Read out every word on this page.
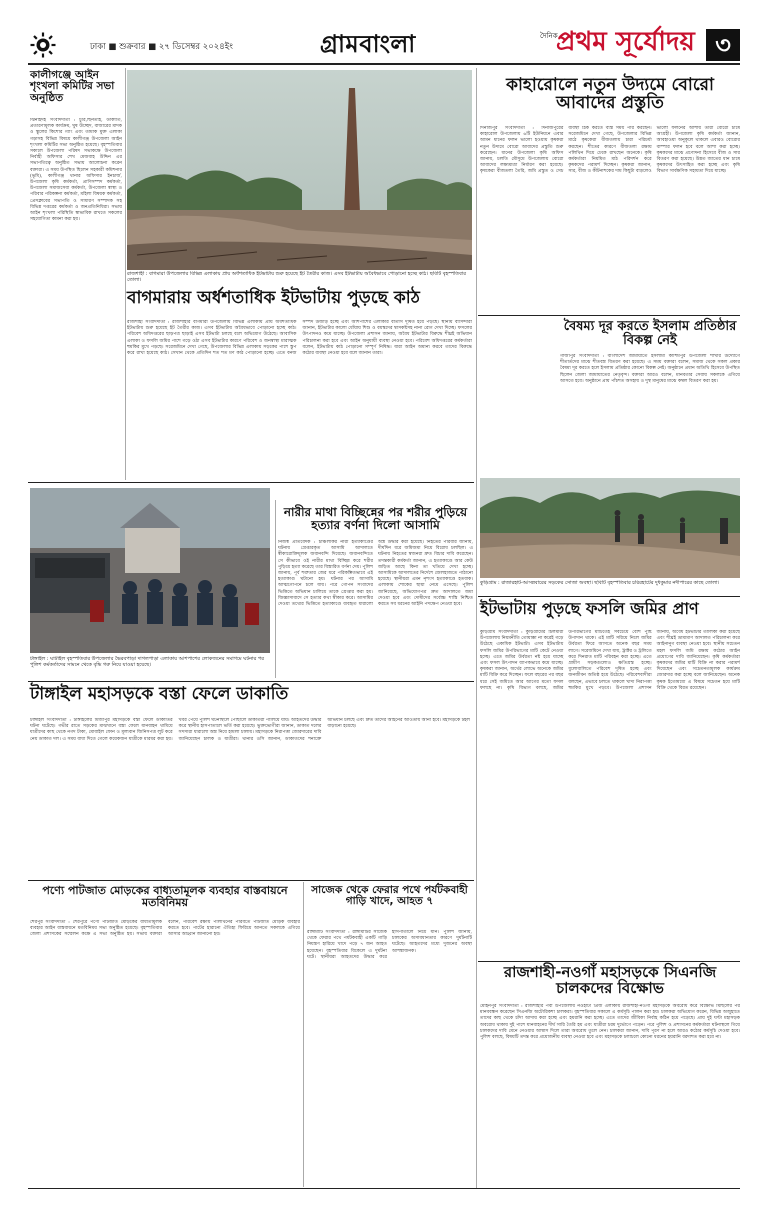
ঢাকা ■ শুক্রবার ■ ২৭ ডিসেম্বর ২০২৪ইং	গ্রামবাংলা	দৈনিক
প্রথম সূর্যোদয় ৩
কালীগঞ্জে আইন শৃংখলা কমিটির সভা অনুষ্ঠিত
ঝিনাইদহ সংবাদদাতা : চুরি,ছিনতাই, ডাকাতি, প্রতারণামূলক কার্যক্রম, ঘুষ উচ্ছেদ, বাজারের মাদক ও স্কুলের কিশোর গ্যাং এবং তামাক মুক্ত এলাকা গড়াসহ বিভিন্ন বিষয়ে কালীগঞ্জ উপজেলা আইন শৃংখলা কমিটির সভা অনুষ্ঠিত হয়েছে। বৃহস্পতিবার সকালে উপজেলা পরিষদ সভাকক্ষে উপজেলা নির্বাহী অফিসার শেখ মেজবাহ উদ্দিন এর সভাপতিত্বে অনুষ্ঠিত সভায় আলোচনা করেন বক্তারা। এ সময় উপস্থিত ছিলেন সহকারী কমিশনার (ভূমি), কালীগঞ্জ থানার অফিসার ইনচার্জ, উপজেলা কৃষি কর্মকর্তা, প্রাণিসম্পদ কর্মকর্তা, উপজেলা সমাজসেবা কর্মকর্তা, উপজেলা স্বাস্থ্য ও পরিবার পরিকল্পনা কর্মকর্তা, মহিলা বিষয়ক কর্মকর্তা, প্রেসক্লাবের সভাপতি ও সাধারণ সম্পাদক সহ বিভিন্ন দপ্তরের কর্মকর্তা ও জনপ্রতিনিধিরা। সভায় আইন শৃংখলা পরিস্থিতি স্বাভাবিক রাখতে সকলের সহযোগিতা কামনা করা হয়।
রাজশাহী : বাগমারা উপজেলার বিভিন্ন এলাকায় প্রায় অর্ধশতাধিক ইটভাটায় শুরু হয়েছে ইট তৈরীর কাজ। এসব ইটভাটায় অবৈধভাবে পোড়ানো হচ্ছে কাঠ। ছবিটি বৃহস্পতিবার তোলা।
বাগমারায় অর্ধশতাধিক ইটভাটায় পুড়ছে কাঠ

রাজশাহী সংবাদদাতা : রাজশাহীর বাগমারা উপজেলায় বিভিন্ন এলাকায় প্রায় অর্ধশতাধিক ইটভাটায় শুরু হয়েছে ইট তৈরীর কাজ। এসব ইটভাটায় অবৈধভাবে পোড়ানো হচ্ছে কাঠ। পরিবেশ অধিদপ্তরের ছাড়পত্র ছাড়াই এসব ইটভাটা চলছে বলে অভিযোগ উঠেছে। আবাসিক এলাকা ও ফসলি জমির পাশে গড়ে ওঠা এসব ইটভাটার কারণে পরিবেশ ও জনস্বাস্থ্য মারাত্মক হুমকির মুখে পড়ছে। সরেজমিনে দেখা গেছে, উপজেলার বিভিন্ন এলাকায় সড়কের পাশে স্তুপ করে রাখা হয়েছে কাঠ। সেখান থেকে প্রতিদিন শত শত মণ কাঠ পোড়ানো হচ্ছে। এতে বনজ সম্পদ উজাড় হচ্ছে এবং আশপাশের এলাকার বাতাস দূষিত হয়ে পড়ছে। স্থানীয় বাসিন্দারা জানান, ইটভাটার কালো ধোঁয়ায় শিশু ও বয়স্কদের শ্বাসকষ্টসহ নানা রোগ দেখা দিচ্ছে। ফসলের উৎপাদনও কমে যাচ্ছে। উপজেলা প্রশাসন জানায়, অবৈধ ইটভাটার বিরুদ্ধে শীঘ্রই অভিযান পরিচালনা করা হবে এবং আইন অনুযায়ী ব্যবস্থা নেওয়া হবে। পরিবেশ অধিদপ্তরের কর্মকর্তারা বলেন, ইটভাটায় কাঠ পোড়ানো সম্পূর্ণ নিষিদ্ধ। যারা আইন অমান্য করবে তাদের বিরুদ্ধে কঠোর ব্যবস্থা নেওয়া হবে বলে জানান তারা।

কাহারোলে নতুন উদ্যমে বোরো আবাদের প্রস্তুতি

দিনাজপুর সংবাদদাতা : দিনাজপুরের কাহারোল উপজেলায় ৬টি ইউনিয়নে এবার আমন ধানের ফলন ভালো হওয়ায় কৃষকরা নতুন উদ্যমে বোরো আবাদের প্রস্তুতি শুরু করেছেন। ধানের উপজেলা কৃষি অফিস জানায়, চলতি মৌসুমে উপজেলায় বোরো আবাদের লক্ষ্যমাত্রা নির্ধারণ করা হয়েছে। কৃষকেরা বীজতলা তৈরি, জমি প্রস্তুত ও সেচ ব্যবস্থা ঠিক করতে ব্যস্ত সময় পার করছেন। সরেজমিনে দেখা গেছে, উপজেলার বিভিন্ন মাঠে কৃষকেরা বীজতলায় চারা পরিচর্যা করছেন। শীতের কারণে বীজতলা রক্ষায় পলিথিন দিয়ে ঢেকে রাখছেন অনেকে। কৃষি কর্মকর্তারা নিয়মিত মাঠ পরিদর্শন করে কৃষকদের পরামর্শ দিচ্ছেন। কৃষকরা জানান, সার, বীজ ও কীটনাশকের দাম কিছুটা বাড়লেও ভালো ফলনের আশায় তারা বোরো চাষে আগ্রহী। উপজেলা কৃষি কর্মকর্তা জানান, আবহাওয়া অনুকূলে থাকলে এবারও বোরোর বাম্পার ফলন হবে বলে আশা করা হচ্ছে। কৃষকদের মাঝে প্রণোদনা হিসেবে বীজ ও সার বিতরণ করা হয়েছে। উন্নত জাতের ধান চাষে কৃষকদের উৎসাহিত করা হচ্ছে এবং কৃষি বিভাগ সার্বক্ষণিক সহায়তা দিয়ে যাচ্ছে।

বৈষম্য দূর করতে ইসলাম প্রতিষ্ঠার বিকল্প নেই
গাজীপুর সংবাদদাতা : বাংলাদেশ জামায়াতে ইসলামী কাশিমপুর উপজেলা শাখার উদ্যোগে শীতার্তদের মাঝে শীতবস্ত্র বিতরণ করা হয়েছে। এ সময় বক্তারা বলেন, সমাজ থেকে সকল প্রকার বৈষম্য দূর করতে হলে ইসলাম প্রতিষ্ঠার কোনো বিকল্প নেই। অনুষ্ঠানে প্রধান অতিথি হিসেবে উপস্থিত ছিলেন জেলা জামায়াতের নেতৃবৃন্দ। বক্তারা আরও বলেন, মানবতার সেবায় সকলকে এগিয়ে আসতে হবে। অনুষ্ঠানে প্রায় পাঁচশত অসহায় ও দুস্থ মানুষের মাঝে কম্বল বিতরণ করা হয়।
কুড়িগ্রাম : রাজারহাট-আসন্নবারের সড়কের সোজা অবস্থা। ছবিটি বৃহস্পতিবার চরিরহাটের দুধকুমার নদীপারের কাছে তোলা।
টাঙ্গাইল : ঘাটাইল বৃহস্পতিবার উপজেলার ভৈরবপাড়া দাগলপাড়া এলাকায় আশপাশের লোকজনের সমাগমে ঘটনার পর পুলিশ কর্মকর্তাদের সামনে থেকে বৃদ্ধি গরু নিয়ে যাওয়া হয়েছে।
নারীর মাথা বিচ্ছিন্নের পর শরীর পুড়িয়ে হত্যার বর্ণনা দিলো আসামি

নিজস্ব প্রতিবেদক : চাঞ্চল্যকর নারী হত্যাকাণ্ডের ঘটনায় গ্রেপ্তারকৃত আসামি আদালতে স্বীকারোক্তিমূলক জবানবন্দি দিয়েছে। জবানবন্দিতে সে কীভাবে ওই নারীর মাথা বিচ্ছিন্ন করে শরীর পুড়িয়ে হত্যা করেছে তার বিস্তারিত বর্ণনা দেয়। পুলিশ জানায়, পূর্ব শত্রুতার জের ধরে পরিকল্পিতভাবে এই হত্যাকাণ্ড ঘটানো হয়। ঘটনার পর আসামি আত্মগোপনে চলে যায়। পরে গোপন সংবাদের ভিত্তিতে অভিযান চালিয়ে তাকে গ্রেপ্তার করা হয়। জিজ্ঞাসাবাদে সে হত্যার কথা স্বীকার করে। আসামির দেওয়া তথ্যের ভিত্তিতে হত্যাকাণ্ডে ব্যবহৃত ধারালো অস্ত্র উদ্ধার করা হয়েছে। নিহতের পরিবার জানায়, দীর্ঘদিন ধরে জমিজমা নিয়ে বিরোধ চলছিল। এ ঘটনায় নিহতের স্বজনরা দ্রুত বিচার দাবি করেছেন। তদন্তকারী কর্মকর্তা জানান, এ হত্যাকাণ্ডে আর কেউ জড়িত আছে কিনা তা খতিয়ে দেখা হচ্ছে। আসামিকে আদালতের নির্দেশে জেলহাজতে পাঠানো হয়েছে। স্থানীয়রা এমন নৃশংস হত্যাকাণ্ডে হতবাক। এলাকায় শোকের ছায়া নেমে এসেছে। পুলিশ জানিয়েছে, অভিযোগপত্র দ্রুত আদালতে জমা দেওয়া হবে এবং দোষীদের সর্বোচ্চ শাস্তি নিশ্চিত করতে সব ধরনের আইনি পদক্ষেপ নেওয়া হবে।	ইটভাটায় পুড়ছে ফসলি জমির প্রাণ

কুড়িগ্রাম সংবাদদাতা : কুড়িগ্রামের চিলমারী উপজেলায় নিয়মনীতি তোয়াক্কা না করেই গড়ে উঠেছে একাধিক ইটভাটা। এসব ইটভাটায় ফসলি জমির উপরিভাগের মাটি কেটে নেওয়া হচ্ছে। এতে জমির উর্বরতা নষ্ট হয়ে যাচ্ছে এবং ফসল উৎপাদন ব্যাপকভাবে কমে যাচ্ছে। কৃষকরা জানান, অর্থের লোভে অনেকে জমির মাটি বিক্রি করে দিচ্ছেন। ফলে বছরের পর বছর ধরে সেই জমিতে আর আগের মতো ফসল ফলছে না। কৃষি বিভাগ বলছে, জমির উপরিভাগের মাটিতেই সবচেয়ে বেশি পুষ্টি উপাদান থাকে। এই মাটি সরিয়ে নিলে জমির উর্বরতা ফিরে আসতে অনেক বছর সময় লাগে। সরেজমিনে দেখা যায়, ট্রাক্টর ও ট্রলিতে করে দিনরাত মাটি পরিবহন করা হচ্ছে। এতে গ্রামীণ সড়কগুলোও ক্ষতিগ্রস্ত হচ্ছে। ধুলোবালিতে পরিবেশ দূষিত হচ্ছে এবং জনজীবন অতিষ্ঠ হয়ে উঠেছে। পরিবেশবাদীরা বলছেন, এভাবে চলতে থাকলে খাদ্য নিরাপত্তা হুমকির মুখে পড়বে। উপজেলা প্রশাসন জানায়, অবৈধ ইটভাটার তালিকা করা হয়েছে এবং শীঘ্রই ভ্রাম্যমাণ আদালত পরিচালনা করে আইনানুগ ব্যবস্থা নেওয়া হবে। স্থানীয় সচেতন মহল ফসলি জমি রক্ষায় কঠোর আইন প্রয়োগের দাবি জানিয়েছেন। কৃষি কর্মকর্তারা কৃষকদের জমির মাটি বিক্রি না করার পরামর্শ দিয়েছেন এবং সচেতনতামূলক কার্যক্রম জোরদার করা হচ্ছে বলে জানিয়েছেন। অনেক কৃষক ইতোমধ্যে এ বিষয়ে সচেতন হয়ে মাটি বিক্রি থেকে বিরত রয়েছেন।

টাঙ্গাইল মহাসড়কে বস্তা ফেলে ডাকাতি

টাঙ্গাইল সংবাদদাতা : টাঙ্গাইলের মির্জাপুর মহাসড়কে বস্তা ফেলে ডাকাতির ঘটনা ঘটেছে। গভীর রাতে সড়কের মাঝখানে বস্তা ফেলে যানবাহন থামিয়ে যাত্রীদের কাছ থেকে নগদ টাকা, মোবাইল ফোন ও মূল্যবান জিনিসপত্র লুট করে নেয় ডাকাত দল। এ সময় বাধা দিতে গেলে কয়েকজন যাত্রীকে মারধর করা হয়। খবর পেয়ে পুলিশ ঘটনাস্থলে পৌঁছালে ডাকাতরা পালিয়ে যায়। আহতদের উদ্ধার করে স্থানীয় হাসপাতালে ভর্তি করা হয়েছে। ভুক্তভোগীরা জানান, ডাকাত দলের সদস্যরা ধারালো অস্ত্র নিয়ে হামলা চালায়। মহাসড়কে নিরাপত্তা জোরদারের দাবি জানিয়েছেন চালক ও যাত্রীরা। থানার ওসি জানান, ডাকাতদের শনাক্তে অভিযান চলছে এবং দ্রুত তাদের আইনের আওতায় আনা হবে। মহাসড়কে টহল বাড়ানো হয়েছে।

পণ্যে পাটজাত মোড়কের বাধ্যতামূলক ব্যবহার বাস্তবায়নে মতবিনিময়

শেরপুর সংবাদদাতা : শেরপুরে পণ্যে পাটজাত মোড়কের বাধ্যতামূলক ব্যবহার আইন বাস্তবায়নে মতবিনিময় সভা অনুষ্ঠিত হয়েছে। বৃহস্পতিবার জেলা প্রশাসকের সম্মেলন কক্ষে এ সভা অনুষ্ঠিত হয়। সভায় বক্তারা বলেন, পরিবেশ রক্ষায় পলিথিনের পরিবর্তে পাটজাত মোড়ক ব্যবহার করতে হবে। পাটের হারানো ঐতিহ্য ফিরিয়ে আনতে সকলকে এগিয়ে আসার আহ্বান জানানো হয়।

সাজেক থেকে ফেরার পথে পর্যটকবাহী গাড়ি খাদে, আহত ৭

রাঙ্গামাটি সংবাদদাতা : রাঙ্গামাটির সাজেক থেকে ফেরার পথে পর্যটকবাহী একটি গাড়ি নিয়ন্ত্রণ হারিয়ে খাদে পড়ে ৭ জন আহত হয়েছেন। বৃহস্পতিবার বিকেলে এ দুর্ঘটনা ঘটে। স্থানীয়রা আহতদের উদ্ধার করে হাসপাতালে নিয়ে যান। পুলিশ জানায়, চালকের অসাবধানতার কারণে দুর্ঘটনাটি ঘটেছে। আহতদের মধ্যে দুজনের অবস্থা আশঙ্কাজনক।

রাজশাহী-নওগাঁ মহাসড়কে সিএনজি চালকদের বিক্ষোভ
মোহনপুর সংবাদদাতা : রাজশাহীর পবা উপজেলায় নওহাটা প্রিজ এলাকায় রাজশাহী-নওগাঁ মহাসড়কে অবরোধ করে বিক্ষোভ মিছিলের পর মানববন্ধন করেছেন সিএনজি অটোরিকশা চালকরা। বৃহস্পতিবার সকালে এ কর্মসূচি পালন করা হয়। চালকরা অভিযোগ করেন, বিভিন্ন অজুহাতে তাদের কাছ থেকে চাঁদা আদায় করা হচ্ছে এবং হয়রানি করা হচ্ছে। এতে তাদের জীবিকা নির্বাহ কঠিন হয়ে পড়েছে। প্রায় দুই ঘণ্টা মহাসড়ক অবরোধ থাকায় দুই পাশে যানবাহনের দীর্ঘ সারি তৈরি হয় এবং যাত্রীরা চরম দুর্ভোগে পড়েন। পরে পুলিশ ও প্রশাসনের কর্মকর্তারা ঘটনাস্থলে গিয়ে চালকদের দাবি মেনে নেওয়ার আশ্বাস দিলে তারা অবরোধ তুলে নেন। চালকরা জানান, দাবি পূরণ না হলে আরও কঠোর কর্মসূচি দেওয়া হবে। পুলিশ বলছে, বিষয়টি তদন্ত করে প্রয়োজনীয় ব্যবস্থা নেওয়া হবে এবং মহাসড়কে চলাচলে কোনো ধরনের হয়রানি বরদাশত করা হবে না।
